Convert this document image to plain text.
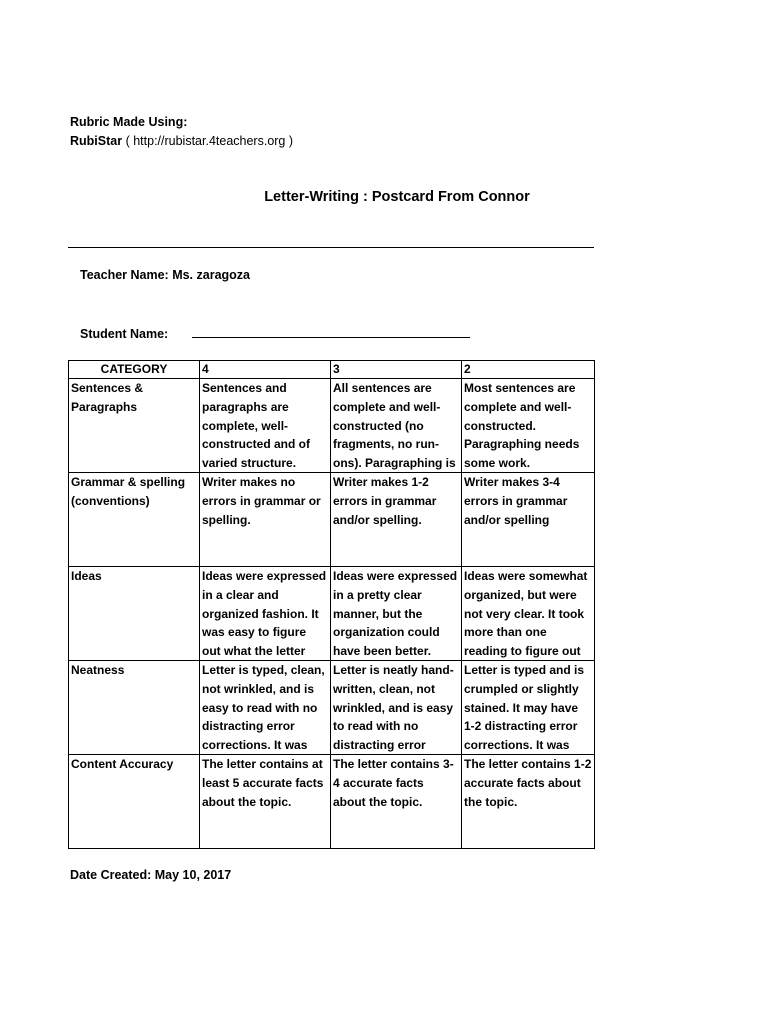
Rubric Made Using:
RubiStar ( http://rubistar.4teachers.org )
Letter-Writing : Postcard From Connor
Teacher Name: Ms. zaragoza
Student Name:
CATEGORY	4	3	2

Sentences & Paragraphs	Sentences and paragraphs are complete, well-constructed and of varied structure.	All sentences are complete and well-constructed (no fragments, no run-ons). Paragraphing is	Most sentences are complete and well-constructed. Paragraphing needs some work.

Grammar & spelling (conventions)	Writer makes no errors in grammar or spelling.	Writer makes 1-2 errors in grammar and/or spelling.	Writer makes 3-4 errors in grammar and/or spelling

Ideas	Ideas were expressed in a clear and organized fashion. It was easy to figure out what the letter	Ideas were expressed in a pretty clear manner, but the organization could have been better.	Ideas were somewhat organized, but were not very clear. It took more than one reading to figure out

Neatness	Letter is typed, clean, not wrinkled, and is easy to read with no distracting error corrections. It was	Letter is neatly hand-written, clean, not wrinkled, and is easy to read with no distracting error	Letter is typed and is crumpled or slightly stained. It may have 1-2 distracting error corrections. It was

Content Accuracy	The letter contains at least 5 accurate facts about the topic.	The letter contains 3-4 accurate facts about the topic.	The letter contains 1-2 accurate facts about the topic.
Date Created: May 10, 2017
